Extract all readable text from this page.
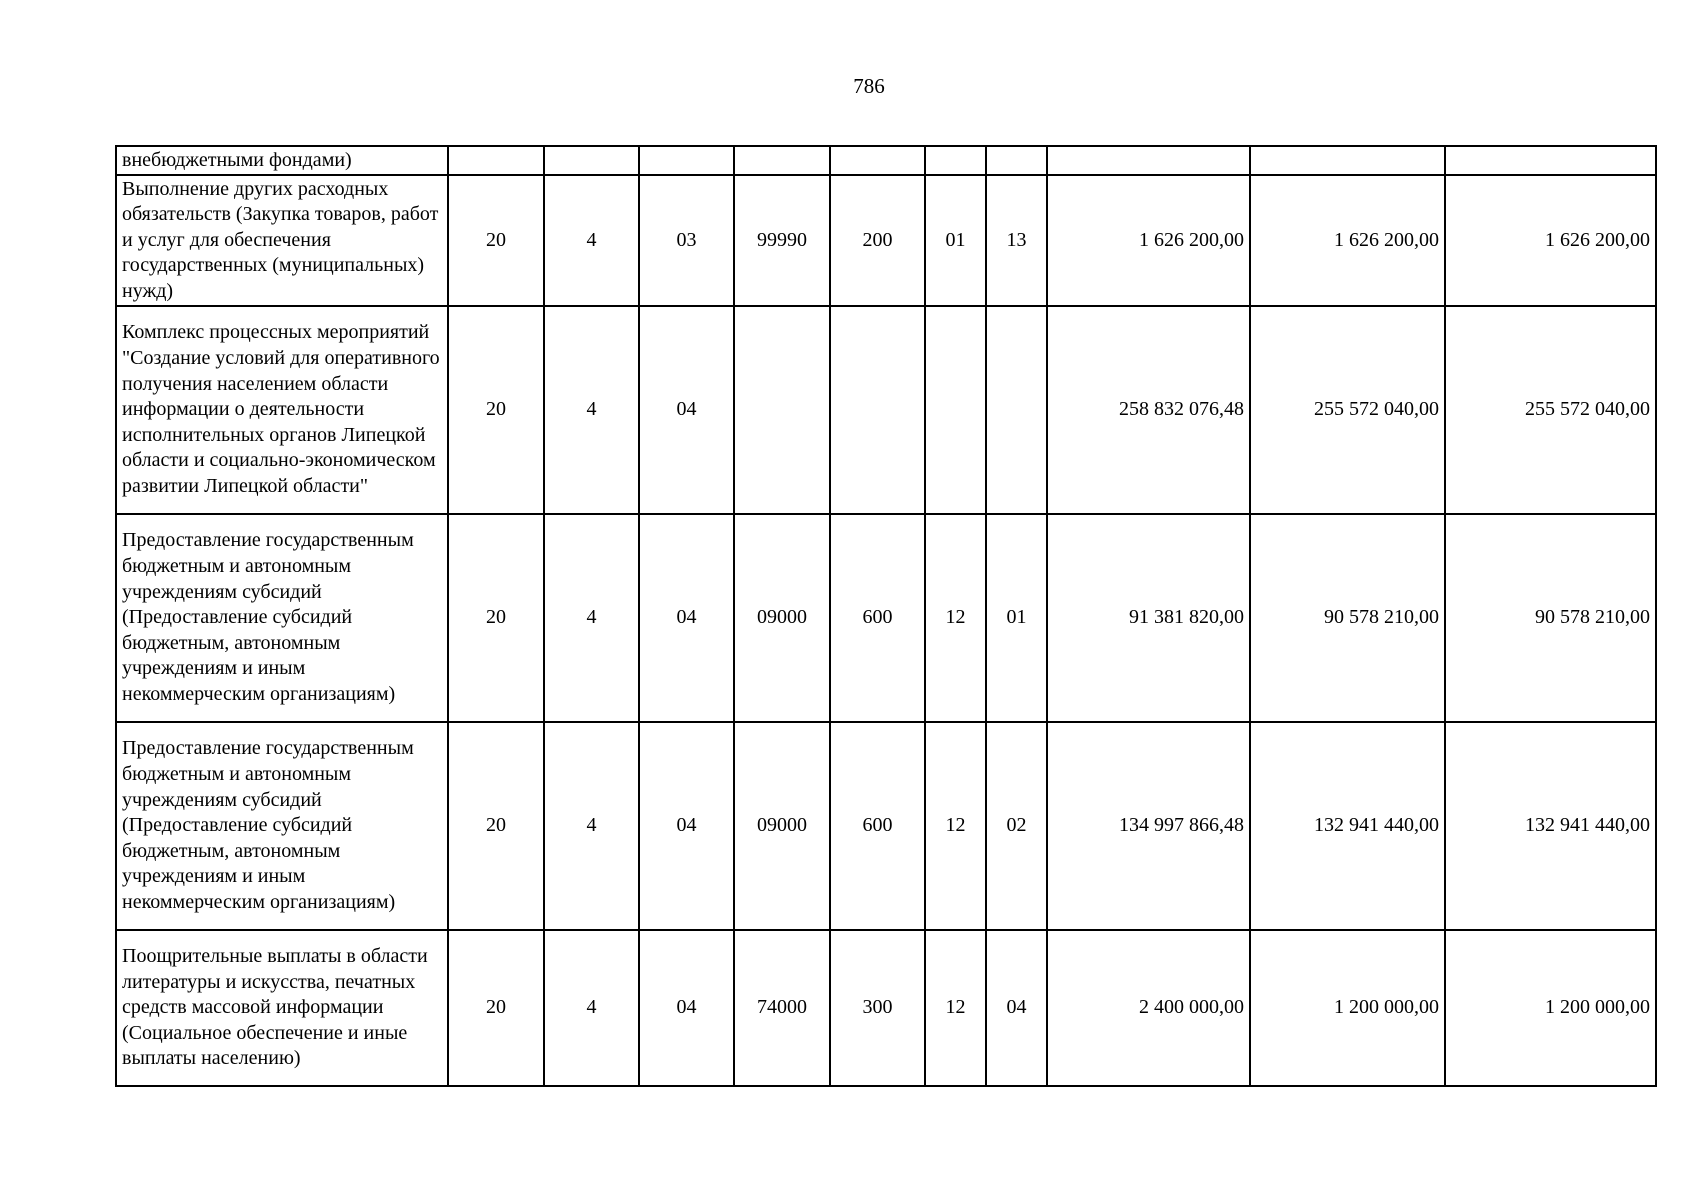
786
внебюджетными фондами)										
Выполнение других расходных обязательств (Закупка товаров, работ и услуг для обеспечения государственных (муниципальных) нужд)	20	4	03	99990	200	01	13	1 626 200,00	1 626 200,00	1 626 200,00
Комплекс процессных мероприятий "Создание условий для оперативного получения населением области информации о деятельности исполнительных органов Липецкой области и социально-экономическом развитии Липецкой области"	20	4	04					258 832 076,48	255 572 040,00	255 572 040,00
Предоставление государственным бюджетным и автономным учреждениям субсидий (Предоставление субсидий бюджетным, автономным учреждениям и иным некоммерческим организациям)	20	4	04	09000	600	12	01	91 381 820,00	90 578 210,00	90 578 210,00
Предоставление государственным бюджетным и автономным учреждениям субсидий (Предоставление субсидий бюджетным, автономным учреждениям и иным некоммерческим организациям)	20	4	04	09000	600	12	02	134 997 866,48	132 941 440,00	132 941 440,00
Поощрительные выплаты в области литературы и искусства, печатных средств массовой информации (Социальное обеспечение и иные выплаты населению)	20	4	04	74000	300	12	04	2 400 000,00	1 200 000,00	1 200 000,00
